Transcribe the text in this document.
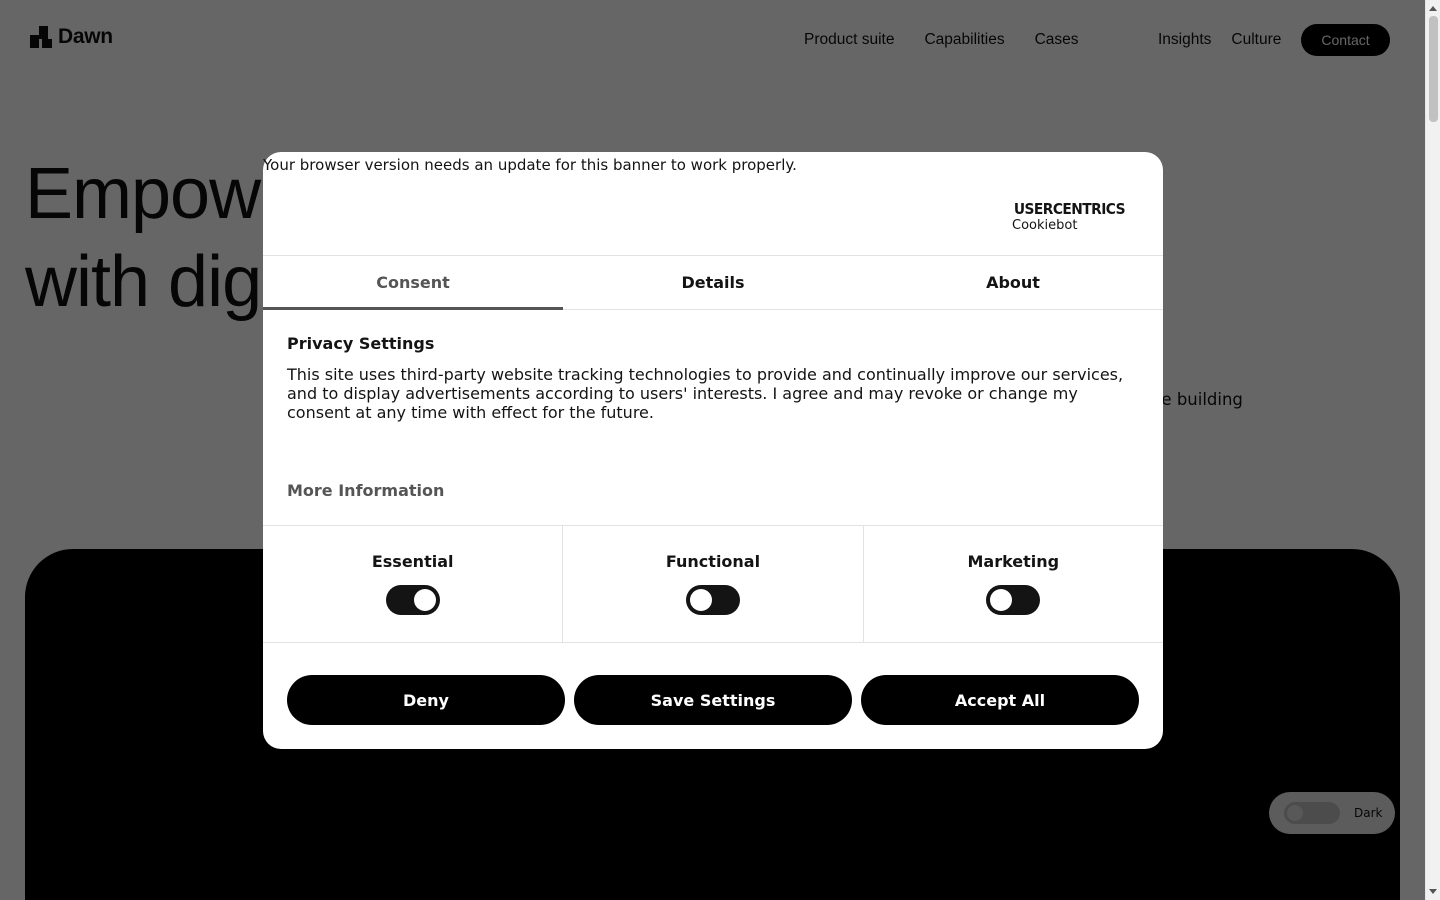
Your browser version needs an update for this banner to work properly.
USERCENTRICS
Cookiebot
Consent	Details	About
Privacy Settings

This site uses third-party website tracking technologies to provide and continually improve our services, and to display advertisements according to users' interests. I agree and may revoke or change my consent at any time with effect for the future.

More Information
Essential	Functional	Marketing
Deny	Save Settings	Accept All
